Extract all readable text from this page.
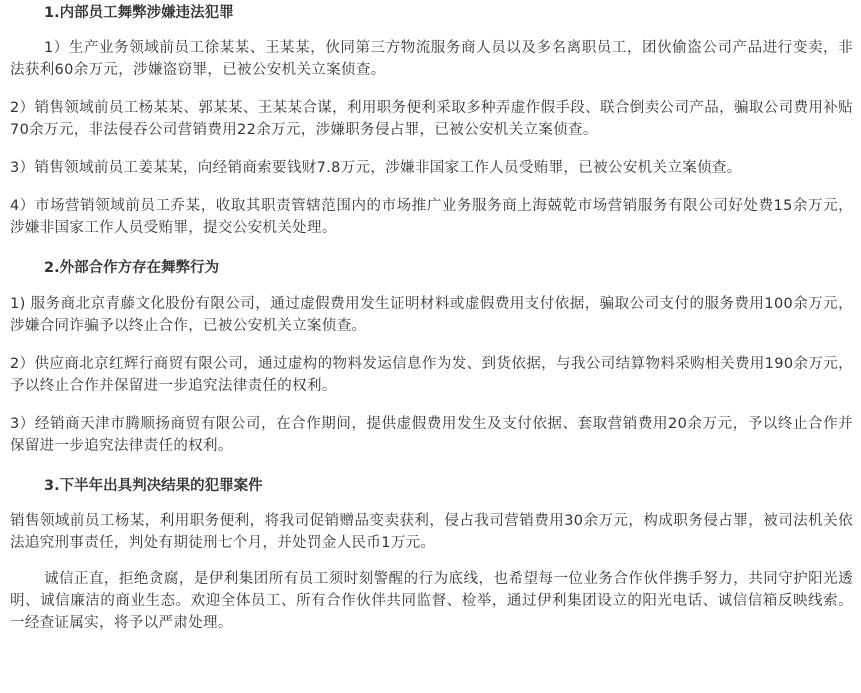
1.内部员工舞弊涉嫌违法犯罪

1）生产业务领域前员工徐某某、王某某，伙同第三方物流服务商人员以及多名离职员工，团伙偷盗公司产品进行变卖，非法获利60余万元，涉嫌盗窃罪，已被公安机关立案侦查。

2）销售领域前员工杨某某、郭某某、王某某合谋，利用职务便利采取多种弄虚作假手段、联合倒卖公司产品，骗取公司费用补贴70余万元，非法侵吞公司营销费用22余万元，涉嫌职务侵占罪，已被公安机关立案侦查。

3）销售领域前员工姜某某，向经销商索要钱财7.8万元，涉嫌非国家工作人员受贿罪，已被公安机关立案侦查。

4）市场营销领域前员工乔某，收取其职责管辖范围内的市场推广业务服务商上海兢乾市场营销服务有限公司好处费15余万元，涉嫌非国家工作人员受贿罪，提交公安机关处理。

2.外部合作方存在舞弊行为

1) 服务商北京青藤文化股份有限公司，通过虚假费用发生证明材料或虚假费用支付依据，骗取公司支付的服务费用100余万元，涉嫌合同诈骗予以终止合作，已被公安机关立案侦查。

2）供应商北京红辉行商贸有限公司，通过虚构的物料发运信息作为发、到货依据，与我公司结算物料采购相关费用190余万元，予以终止合作并保留进一步追究法律责任的权利。

3）经销商天津市腾顺扬商贸有限公司，在合作期间，提供虚假费用发生及支付依据、套取营销费用20余万元，予以终止合作并保留进一步追究法律责任的权利。

3.下半年出具判决结果的犯罪案件

销售领域前员工杨某，利用职务便利，将我司促销赠品变卖获利，侵占我司营销费用30余万元，构成职务侵占罪，被司法机关依法追究刑事责任，判处有期徒刑七个月，并处罚金人民币1万元。

诚信正直，拒绝贪腐，是伊利集团所有员工须时刻警醒的行为底线，也希望每一位业务合作伙伴携手努力，共同守护阳光透明、诚信廉洁的商业生态。欢迎全体员工、所有合作伙伴共同监督、检举，通过伊利集团设立的阳光电话、诚信信箱反映线索。一经查证属实，将予以严肃处理。
